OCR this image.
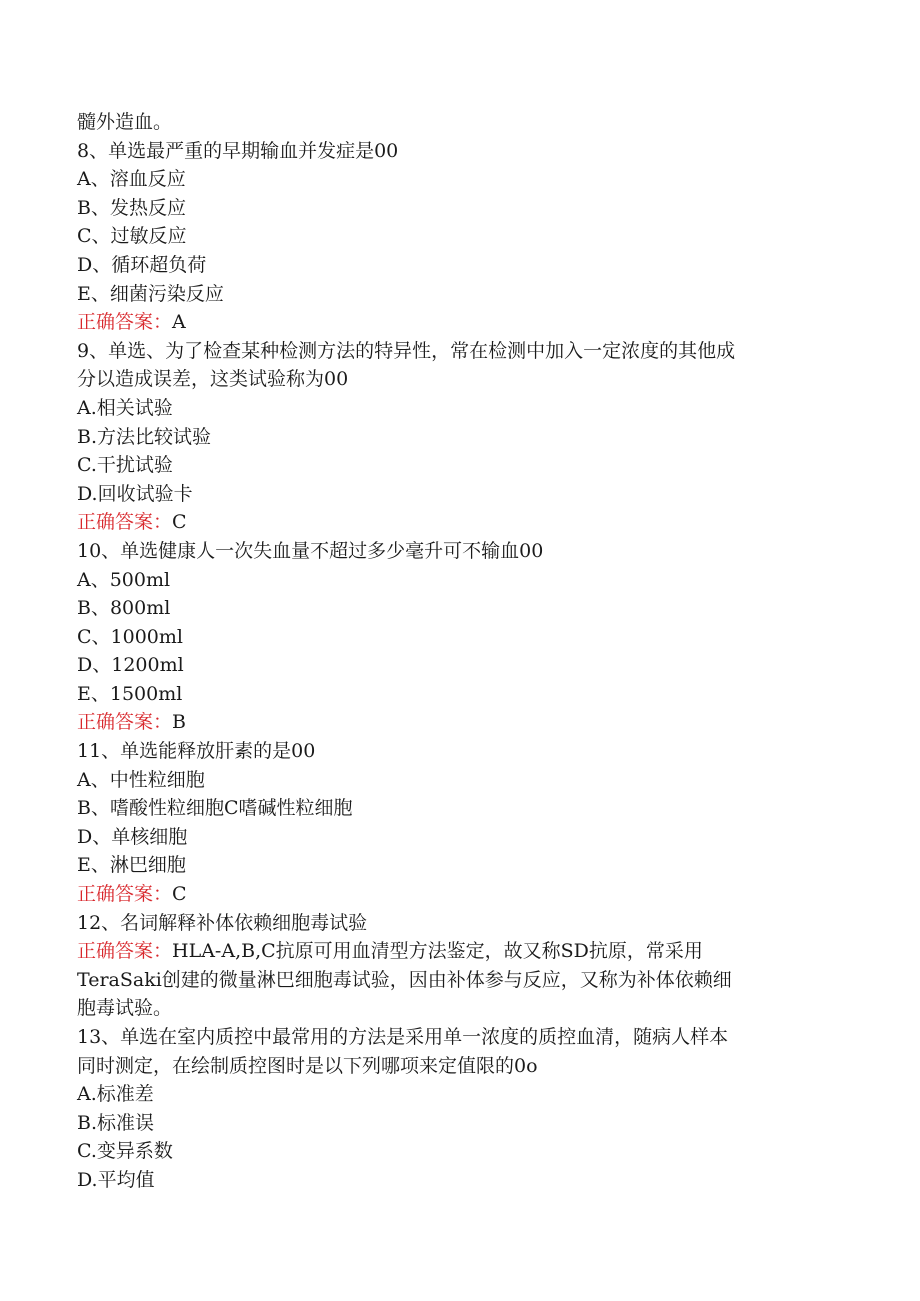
髓外造血。
8、单选最严重的早期输血并发症是00
A、溶血反应
B、发热反应
C、过敏反应
D、循环超负荷
E、细菌污染反应
正确答案：A
9、单选、为了检查某种检测方法的特异性，常在检测中加入一定浓度的其他成
分以造成误差，这类试验称为00
A.相关试验
B.方法比较试验
C.干扰试验
D.回收试验卡
正确答案：C
10、单选健康人一次失血量不超过多少毫升可不输血00
A、500ml
B、800ml
C、1000ml
D、1200ml
E、1500ml
正确答案：B
11、单选能释放肝素的是00
A、中性粒细胞
B、嗜酸性粒细胞C嗜碱性粒细胞
D、单核细胞
E、淋巴细胞
正确答案：C
12、名词解释补体依赖细胞毒试验
正确答案：HLA-A,B,C抗原可用血清型方法鉴定，故又称SD抗原，常采用
TeraSaki创建的微量淋巴细胞毒试验，因由补体参与反应，又称为补体依赖细
胞毒试验。
13、单选在室内质控中最常用的方法是采用单一浓度的质控血清，随病人样本
同时测定，在绘制质控图时是以下列哪项来定值限的0o
A.标准差
B.标准误
C.变异系数
D.平均值
